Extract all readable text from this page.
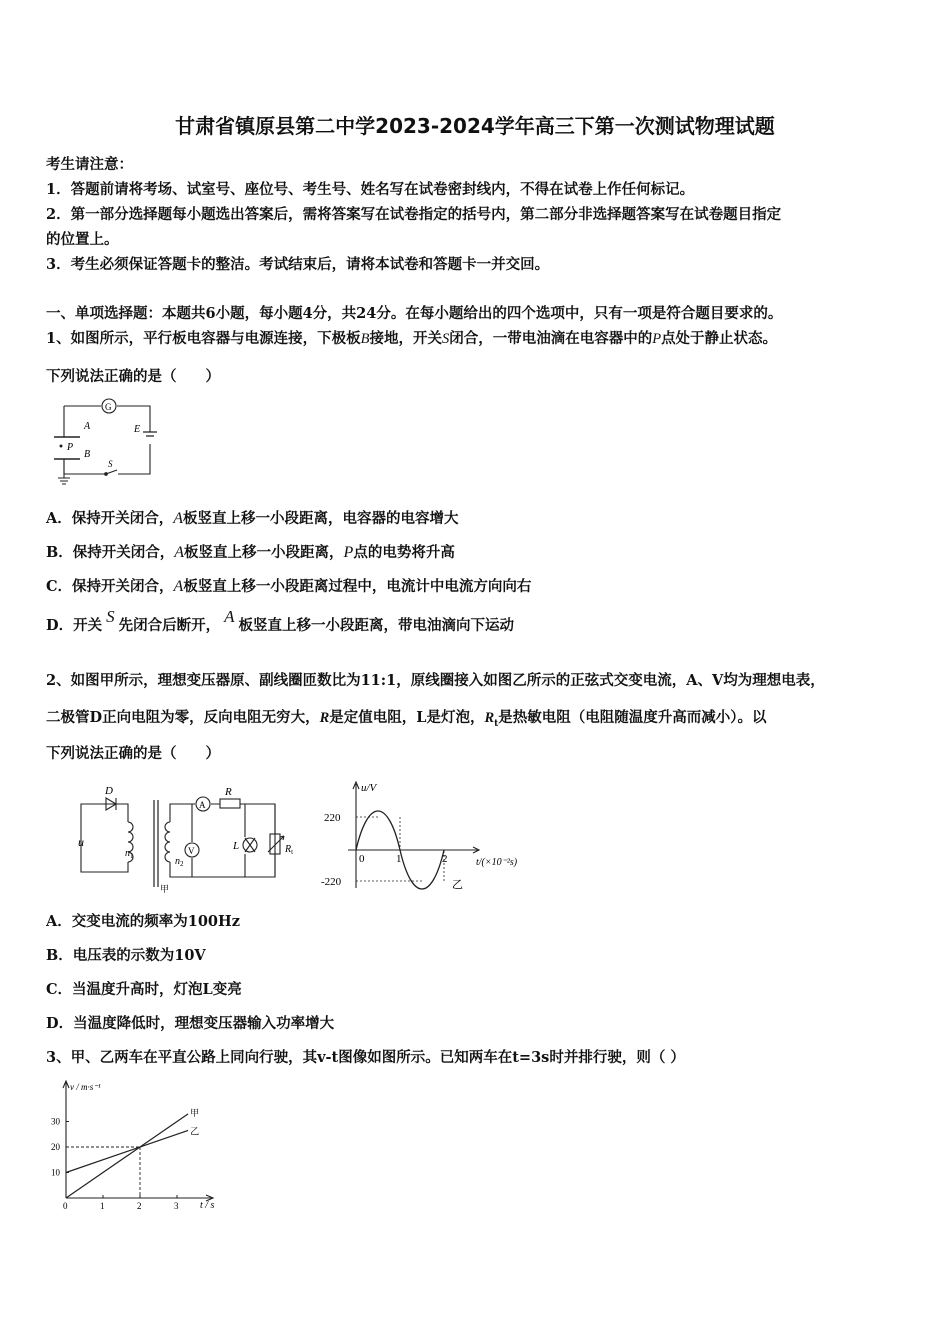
甘肃省镇原县第二中学2023-2024学年高三下第一次测试物理试题
考生请注意：
1．答题前请将考场、试室号、座位号、考生号、姓名写在试卷密封线内，不得在试卷上作任何标记。
2．第一部分选择题每小题选出答案后，需将答案写在试卷指定的括号内，第二部分非选择题答案写在试卷题目指定
的位置上。
3．考生必须保证答题卡的整洁。考试结束后，请将本试卷和答题卡一并交回。
一、单项选择题：本题共6小题，每小题4分，共24分。在每小题给出的四个选项中，只有一项是符合题目要求的。
1、如图所示，平行板电容器与电源连接，下极板B接地，开关S闭合，一带电油滴在电容器中的P点处于静止状态。
下列说法正确的是（　　）
G
A
P
B
E
S
A．保持开关闭合，A板竖直上移一小段距离，电容器的电容增大
B．保持开关闭合，A板竖直上移一小段距离，P点的电势将升高
C．保持开关闭合，A板竖直上移一小段距离过程中，电流计中电流方向向右
D．开关 S 先闭合后断开， A 板竖直上移一小段距离，带电油滴向下运动
2、如图甲所示，理想变压器原、副线圈匝数比为11:1，原线圈接入如图乙所示的正弦式交变电流，A、V均为理想电表，
二极管D正向电阻为零，反向电阻无穷大，R是定值电阻，L是灯泡，$R_t$是热敏电阻（电阻随温度升高而减小）。以
下列说法正确的是（　　）
D
u
$n_1$	$n_2$
A
V
R
L	$R_t$
甲
u/V
220
-220
0	1	2	t/(×10⁻²s)
乙
A．交变电流的频率为100Hz
B．电压表的示数为10V
C．当温度升高时，灯泡L变亮
D．当温度降低时，理想变压器输入功率增大
3、甲、乙两车在平直公路上同向行驶，其v-t图像如图所示。已知两车在t=3s时并排行驶，则（ ）
0	1	2	3
10
20
30
甲
乙
v / m·s⁻¹
t / s
